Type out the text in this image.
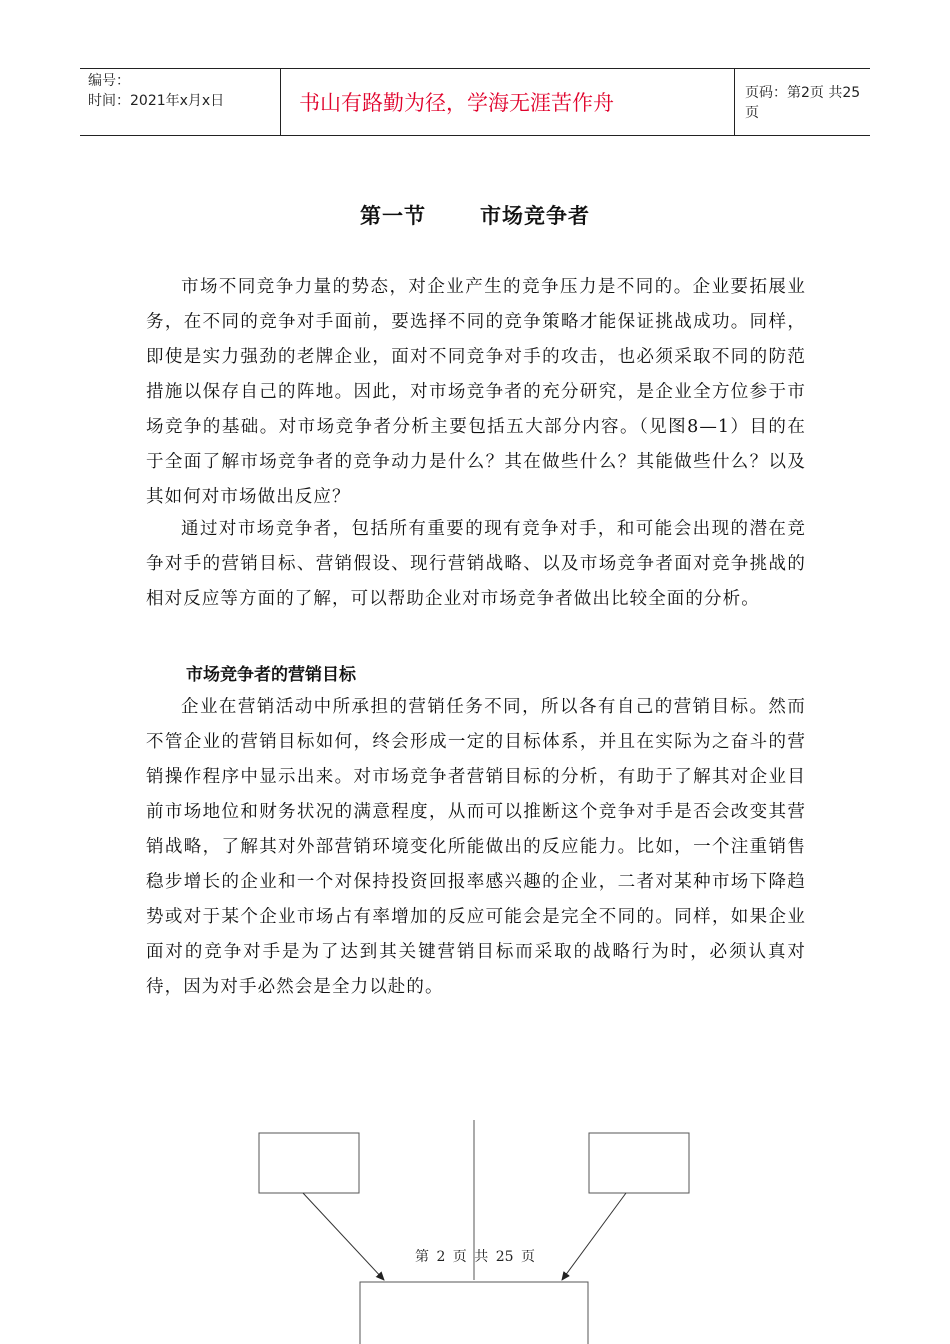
编号：
时间：2021年x月x日	书山有路勤为径，学海无涯苦作舟	页码：第2页 共25页
第一节	市场竞争者

市场不同竞争力量的势态，对企业产生的竞争压力是不同的。企业要拓展业务，在不同的竞争对手面前，要选择不同的竞争策略才能保证挑战成功。同样，即使是实力强劲的老牌企业，面对不同竞争对手的攻击，也必须采取不同的防范措施以保存自己的阵地。因此，对市场竞争者的充分研究，是企业全方位参于市场竞争的基础。对市场竞争者分析主要包括五大部分内容。（见图8—1）目的在于全面了解市场竞争者的竞争动力是什么？其在做些什么？其能做些什么？以及其如何对市场做出反应？

通过对市场竞争者，包括所有重要的现有竞争对手，和可能会出现的潜在竞争对手的营销目标、营销假设、现行营销战略、以及市场竞争者面对竞争挑战的相对反应等方面的了解，可以帮助企业对市场竞争者做出比较全面的分析。

市场竞争者的营销目标

企业在营销活动中所承担的营销任务不同，所以各有自己的营销目标。然而不管企业的营销目标如何，终会形成一定的目标体系，并且在实际为之奋斗的营销操作程序中显示出来。对市场竞争者营销目标的分析，有助于了解其对企业目前市场地位和财务状况的满意程度，从而可以推断这个竞争对手是否会改变其营销战略，了解其对外部营销环境变化所能做出的反应能力。比如，一个注重销售稳步增长的企业和一个对保持投资回报率感兴趣的企业，二者对某种市场下降趋势或对于某个企业市场占有率增加的反应可能会是完全不同的。同样，如果企业面对的竞争对手是为了达到其关键营销目标而采取的战略行为时，必须认真对待，因为对手必然会是全力以赴的。

第 2 页 共 25 页
